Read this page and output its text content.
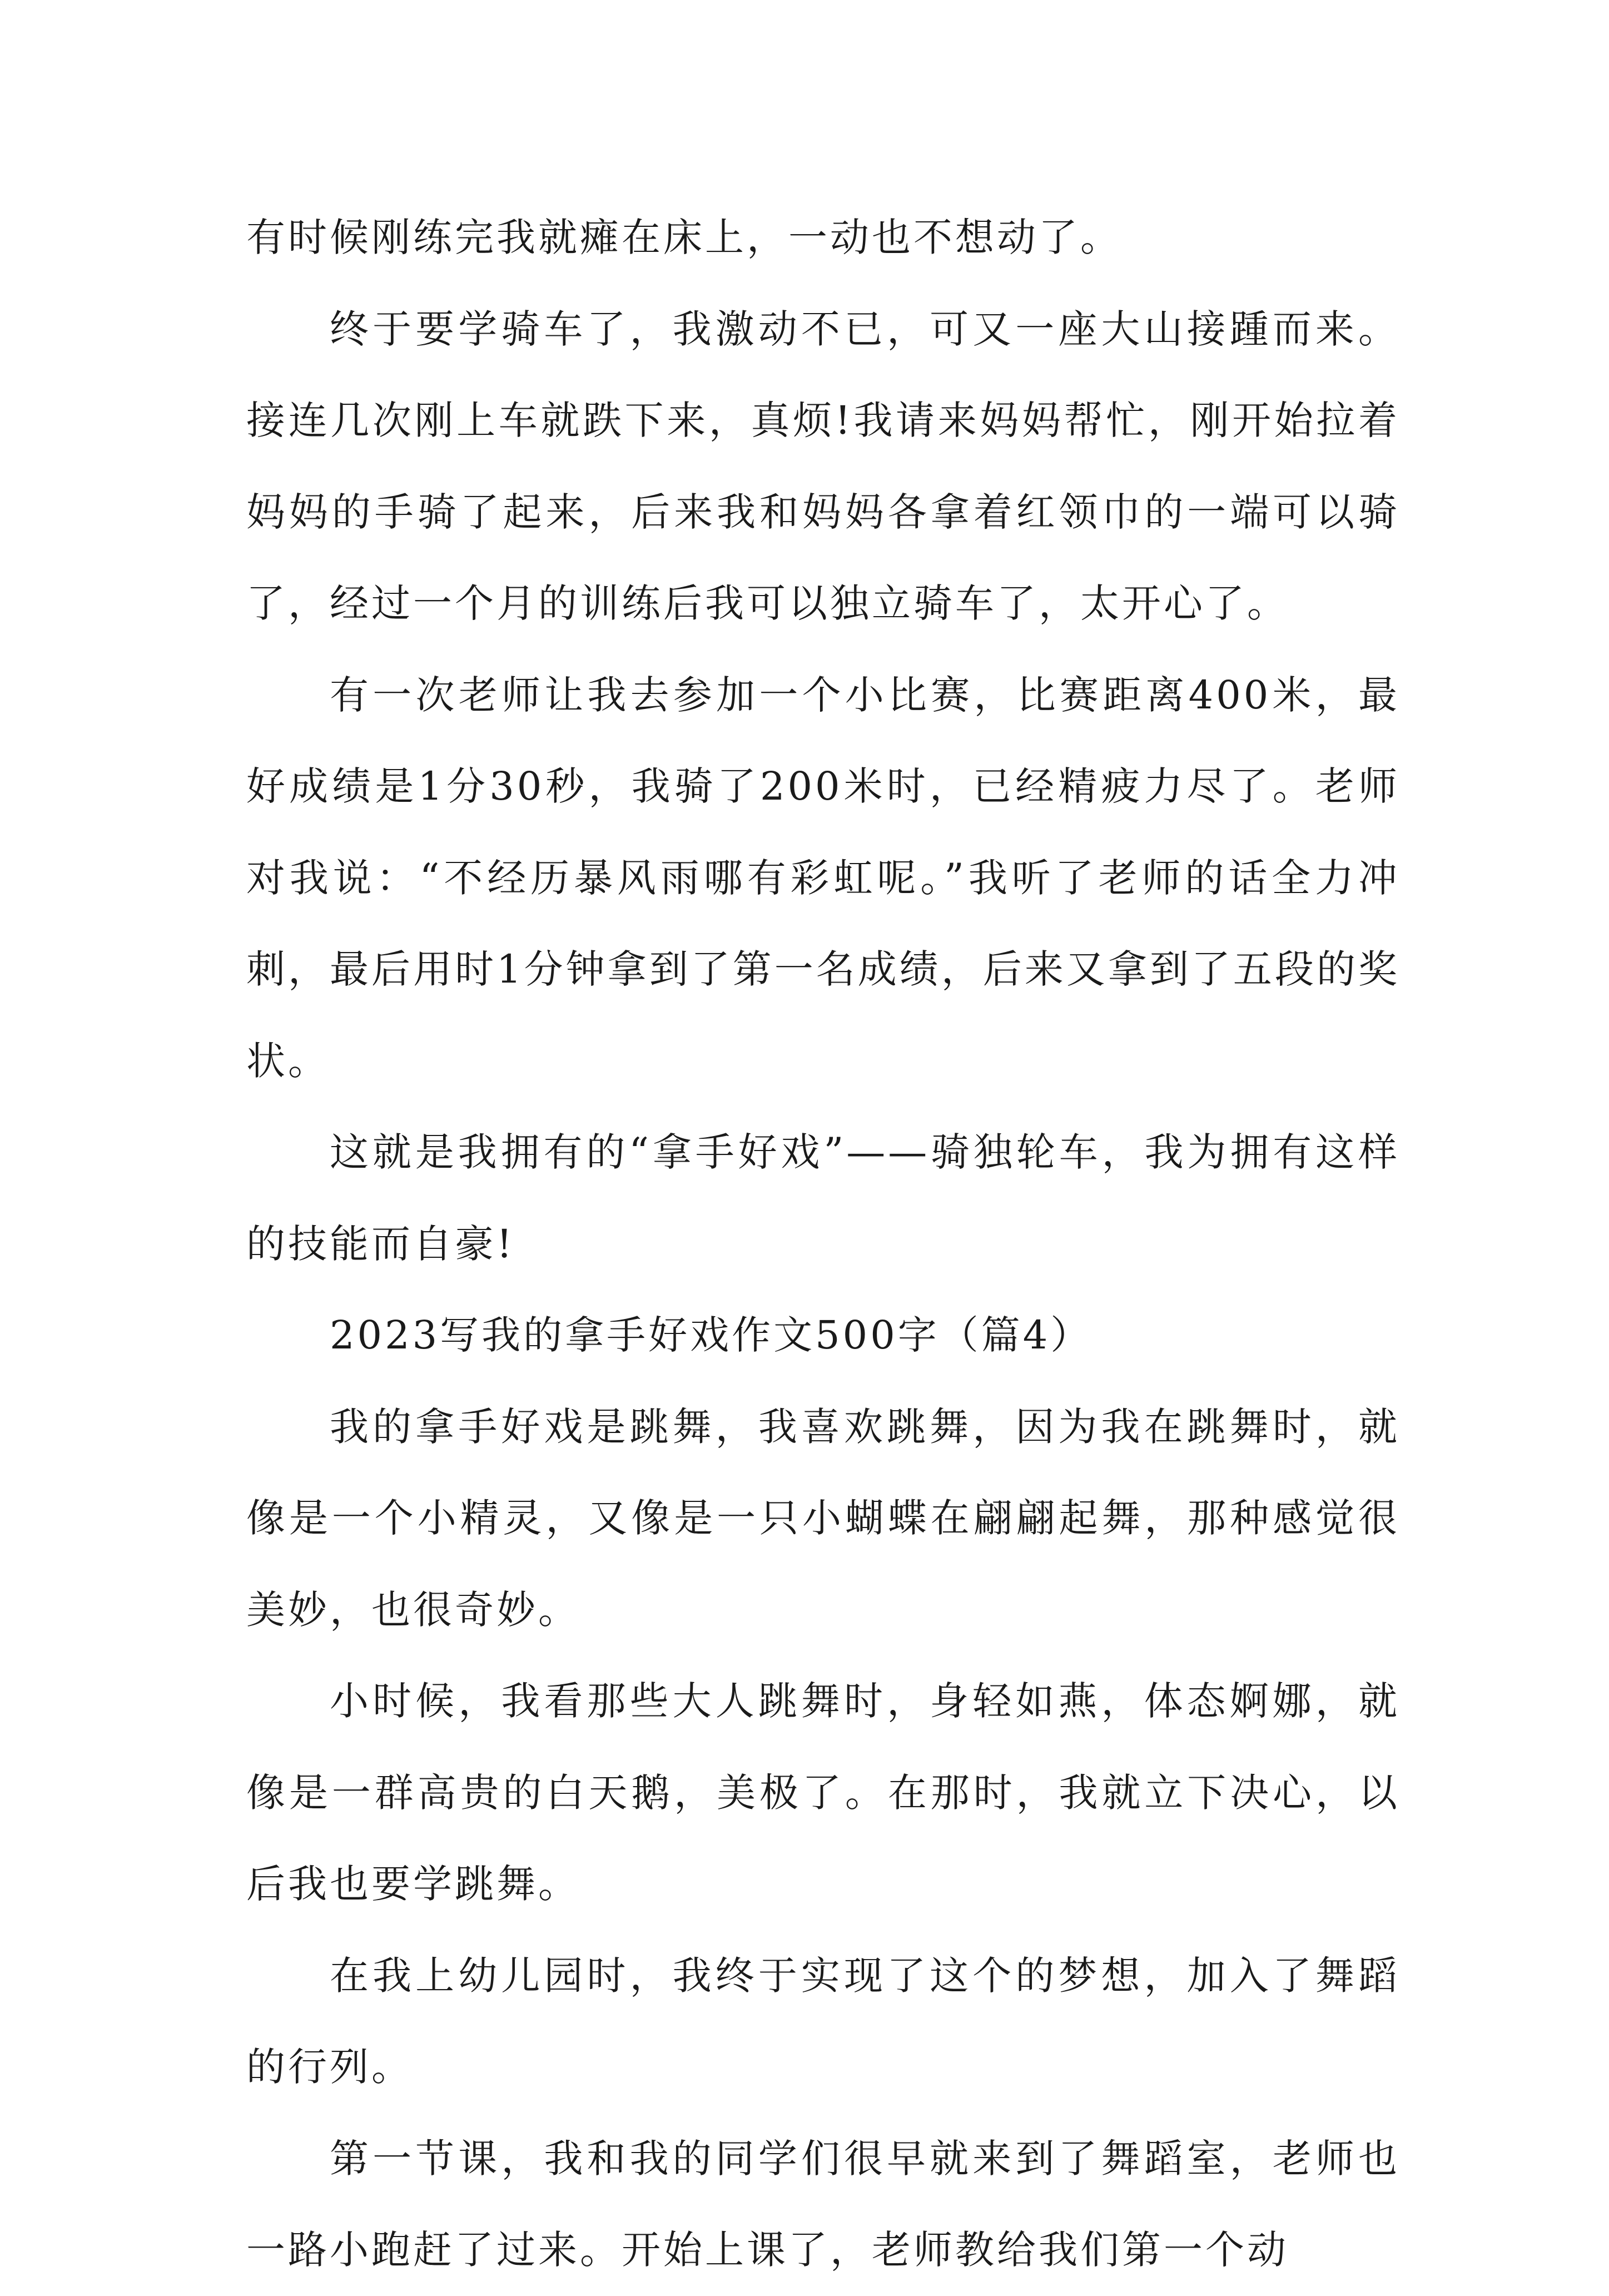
有时候刚练完我就瘫在床上，一动也不想动了。

终于要学骑车了，我激动不已，可又一座大山接踵而来。接连几次刚上车就跌下来，真烦!我请来妈妈帮忙，刚开始拉着妈妈的手骑了起来，后来我和妈妈各拿着红领巾的一端可以骑了，经过一个月的训练后我可以独立骑车了，太开心了。

有一次老师让我去参加一个小比赛，比赛距离400米，最好成绩是1分30秒，我骑了200米时，已经精疲力尽了。老师对我说：“不经历暴风雨哪有彩虹呢。”我听了老师的话全力冲刺，最后用时1分钟拿到了第一名成绩，后来又拿到了五段的奖状。

这就是我拥有的“拿手好戏”——骑独轮车，我为拥有这样的技能而自豪!

2023写我的拿手好戏作文500字（篇4）

我的拿手好戏是跳舞，我喜欢跳舞，因为我在跳舞时，就像是一个小精灵，又像是一只小蝴蝶在翩翩起舞，那种感觉很美妙，也很奇妙。

小时候，我看那些大人跳舞时，身轻如燕，体态婀娜，就像是一群高贵的白天鹅，美极了。在那时，我就立下决心，以后我也要学跳舞。

在我上幼儿园时，我终于实现了这个的梦想，加入了舞蹈的行列。

第一节课，我和我的同学们很早就来到了舞蹈室，老师也一路小跑赶了过来。开始上课了，老师教给我们第一个动
